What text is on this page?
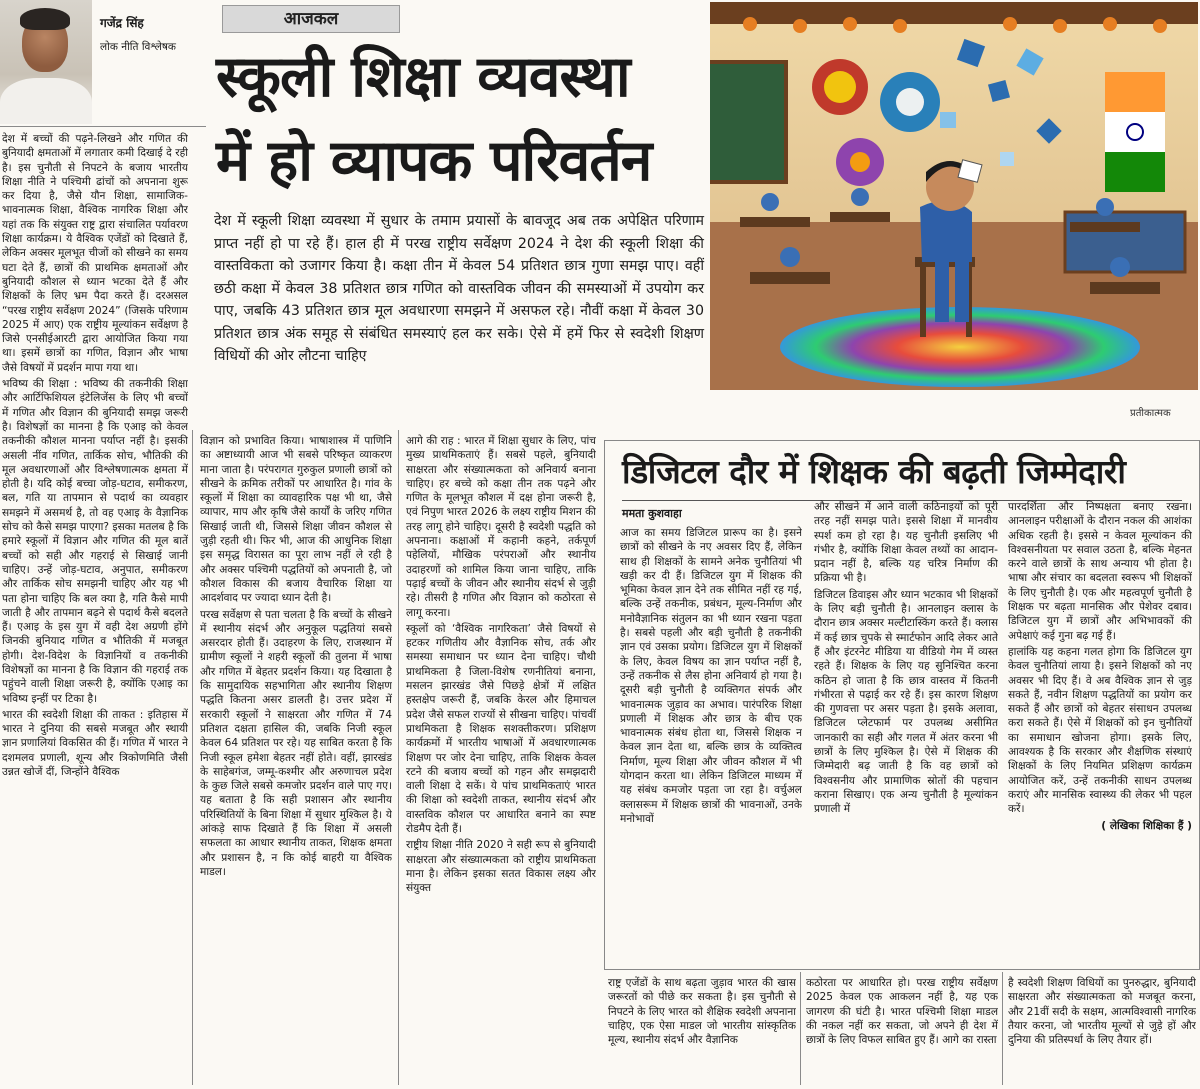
गजेंद्र सिंह
लोक नीति विश्लेषक
आजकल
स्कूली शिक्षा व्यवस्था
में हो व्यापक परिवर्तन
देश में स्कूली शिक्षा व्यवस्था में सुधार के तमाम प्रयासों के बावजूद अब तक अपेक्षित परिणाम प्राप्त नहीं हो पा रहे हैं। हाल ही में परख राष्ट्रीय सर्वेक्षण 2024 ने देश की स्कूली शिक्षा की वास्तविकता को उजागर किया है। कक्षा तीन में केवल 54 प्रतिशत छात्र गुणा समझ पाए। वहीं छठी कक्षा में केवल 38 प्रतिशत छात्र गणित को वास्तविक जीवन की समस्याओं में उपयोग कर पाए, जबकि 43 प्रतिशत छात्र मूल अवधारणा समझने में असफल रहे। नौवीं कक्षा में केवल 30 प्रतिशत छात्र अंक समूह से संबंधित समस्याएं हल कर सके। ऐसे में हमें फिर से स्वदेशी शिक्षण विधियों की ओर लौटना चाहिए
प्रतीकात्मक

देश में बच्चों की पढ़ने-लिखने और गणित की बुनियादी क्षमताओं में लगातार कमी दिखाई दे रही है। इस चुनौती से निपटने के बजाय भारतीय शिक्षा नीति ने पश्चिमी ढांचों को अपनाना शुरू कर दिया है, जैसे यौन शिक्षा, सामाजिक-भावनात्मक शिक्षा, वैश्विक नागरिक शिक्षा और यहां तक कि संयुक्त राष्ट्र द्वारा संचालित पर्यावरण शिक्षा कार्यक्रम। ये वैश्विक एजेंडों को दिखाते हैं, लेकिन अक्सर मूलभूत चीजों को सीखने का समय घटा देते हैं, छात्रों की प्राथमिक क्षमताओं और बुनियादी कौशल से ध्यान भटका देते हैं और शिक्षकों के लिए भ्रम पैदा करते हैं। दरअसल “परख राष्ट्रीय सर्वेक्षण 2024” (जिसके परिणाम 2025 में आए) एक राष्ट्रीय मूल्यांकन सर्वेक्षण है जिसे एनसीईआरटी द्वारा आयोजित किया गया था। इसमें छात्रों का गणित, विज्ञान और भाषा जैसे विषयों में प्रदर्शन मापा गया था।

भविष्य की शिक्षा : भविष्य की तकनीकी शिक्षा और आर्टिफिशियल इंटेलिजेंस के लिए भी बच्चों में गणित और विज्ञान की बुनियादी समझ जरूरी है। विशेषज्ञों का मानना है कि एआइ को केवल तकनीकी कौशल मानना पर्याप्त नहीं है। इसकी असली नींव गणित, तार्किक सोच, भौतिकी की मूल अवधारणाओं और विश्लेषणात्मक क्षमता में होती है। यदि कोई बच्चा जोड़-घटाव, समीकरण, बल, गति या तापमान से पदार्थ का व्यवहार समझने में असमर्थ है, तो वह एआइ के वैज्ञानिक सोच को कैसे समझ पाएगा? इसका मतलब है कि हमारे स्कूलों में विज्ञान और गणित की मूल बातें बच्चों को सही और गहराई से सिखाई जानी चाहिए। उन्हें जोड़-घटाव, अनुपात, समीकरण और तार्किक सोच समझनी चाहिए और यह भी पता होना चाहिए कि बल क्या है, गति कैसे मापी जाती है और तापमान बढ़ने से पदार्थ कैसे बदलते हैं। एआइ के इस युग में वही देश अग्रणी होंगे जिनकी बुनियाद गणित व भौतिकी में मजबूत होगी। देश-विदेश के विज्ञानियों व तकनीकी विशेषज्ञों का मानना है कि विज्ञान की गहराई तक पहुंचने वाली शिक्षा जरूरी है, क्योंकि एआइ का भविष्य इन्हीं पर टिका है।

भारत की स्वदेशी शिक्षा की ताकत : इतिहास में भारत ने दुनिया की सबसे मजबूत और स्थायी ज्ञान प्रणालियां विकसित की हैं। गणित में भारत ने दशमलव प्रणाली, शून्य और त्रिकोणमिति जैसी उन्नत खोजें दीं, जिन्होंने वैश्विक

विज्ञान को प्रभावित किया। भाषाशास्त्र में पाणिनि का अष्टाध्यायी आज भी सबसे परिष्कृत व्याकरण माना जाता है। परंपरागत गुरुकुल प्रणाली छात्रों को सीखने के क्रमिक तरीकों पर आधारित है। गांव के स्कूलों में शिक्षा का व्यावहारिक पक्ष भी था, जैसे व्यापार, माप और कृषि जैसे कार्यों के जरिए गणित सिखाई जाती थी, जिससे शिक्षा जीवन कौशल से जुड़ी रहती थी। फिर भी, आज की आधुनिक शिक्षा इस समृद्ध विरासत का पूरा लाभ नहीं ले रही है और अक्सर पश्चिमी पद्धतियों को अपनाती है, जो कौशल विकास की बजाय वैचारिक शिक्षा या आदर्शवाद पर ज्यादा ध्यान देती है।

परख सर्वेक्षण से पता चलता है कि बच्चों के सीखने में स्थानीय संदर्भ और अनुकूल पद्धतियां सबसे असरदार होती हैं। उदाहरण के लिए, राजस्थान में ग्रामीण स्कूलों ने शहरी स्कूलों की तुलना में भाषा और गणित में बेहतर प्रदर्शन किया। यह दिखाता है कि सामुदायिक सहभागिता और स्थानीय शिक्षण पद्धति कितना असर डालती है। उत्तर प्रदेश में सरकारी स्कूलों ने साक्षरता और गणित में 74 प्रतिशत दक्षता हासिल की, जबकि निजी स्कूल केवल 64 प्रतिशत पर रहे। यह साबित करता है कि निजी स्कूल हमेशा बेहतर नहीं होते। वहीं, झारखंड के साहेबगंज, जम्मू-कश्मीर और अरुणाचल प्रदेश के कुछ जिले सबसे कमजोर प्रदर्शन वाले पाए गए। यह बताता है कि सही प्रशासन और स्थानीय परिस्थितियों के बिना शिक्षा में सुधार मुश्किल है। ये आंकड़े साफ दिखाते हैं कि शिक्षा में असली सफलता का आधार स्थानीय ताकत, शिक्षक क्षमता और प्रशासन है, न कि कोई बाहरी या वैश्विक माडल।

आगे की राह : भारत में शिक्षा सुधार के लिए, पांच मुख्य प्राथमिकताएं हैं। सबसे पहले, बुनियादी साक्षरता और संख्यात्मकता को अनिवार्य बनाना चाहिए। हर बच्चे को कक्षा तीन तक पढ़ने और गणित के मूलभूत कौशल में दक्ष होना जरूरी है, एवं निपुण भारत 2026 के लक्ष्य राष्ट्रीय मिशन की तरह लागू होने चाहिए। दूसरी है स्वदेशी पद्धति को अपनाना। कक्षाओं में कहानी कहने, तर्कपूर्ण पहेलियों, मौखिक परंपराओं और स्थानीय उदाहरणों को शामिल किया जाना चाहिए, ताकि पढ़ाई बच्चों के जीवन और स्थानीय संदर्भ से जुड़ी रहे। तीसरी है गणित और विज्ञान को कठोरता से लागू करना।

स्कूलों को ‘वैश्विक नागरिकता’ जैसे विषयों से हटकर गणितीय और वैज्ञानिक सोच, तर्क और समस्या समाधान पर ध्यान देना चाहिए। चौथी प्राथमिकता है जिला-विशेष रणनीतियां बनाना, मसलन झारखंड जैसे पिछड़े क्षेत्रों में लक्षित हस्तक्षेप जरूरी हैं, जबकि केरल और हिमाचल प्रदेश जैसे सफल राज्यों से सीखना चाहिए। पांचवीं प्राथमिकता है शिक्षक सशक्तीकरण। प्रशिक्षण कार्यक्रमों में भारतीय भाषाओं में अवधारणात्मक शिक्षण पर जोर देना चाहिए, ताकि शिक्षक केवल रटने की बजाय बच्चों को गहन और समझदारी वाली शिक्षा दे सकें। ये पांच प्राथमिकताएं भारत की शिक्षा को स्वदेशी ताकत, स्थानीय संदर्भ और वास्तविक कौशल पर आधारित बनाने का स्पष्ट रोडमैप देती हैं।

राष्ट्रीय शिक्षा नीति 2020 ने सही रूप से बुनियादी साक्षरता और संख्यात्मकता को राष्ट्रीय प्राथमिकता माना है। लेकिन इसका सतत विकास लक्ष्य और संयुक्त

डिजिटल दौर में शिक्षक की बढ़ती जिम्मेदारी
ममता कुशवाहा

आज का समय डिजिटल प्रारूप का है। इसने छात्रों को सीखने के नए अवसर दिए हैं, लेकिन साथ ही शिक्षकों के सामने अनेक चुनौतियां भी खड़ी कर दी हैं। डिजिटल युग में शिक्षक की भूमिका केवल ज्ञान देने तक सीमित नहीं रह गई, बल्कि उन्हें तकनीक, प्रबंधन, मूल्य-निर्माण और मनोवैज्ञानिक संतुलन का भी ध्यान रखना पड़ता है। सबसे पहली और बड़ी चुनौती है तकनीकी ज्ञान एवं उसका प्रयोग। डिजिटल युग में शिक्षकों के लिए, केवल विषय का ज्ञान पर्याप्त नहीं है, उन्हें तकनीक से लैस होना अनिवार्य हो गया है। दूसरी बड़ी चुनौती है व्यक्तिगत संपर्क और भावनात्मक जुड़ाव का अभाव। पारंपरिक शिक्षा प्रणाली में शिक्षक और छात्र के बीच एक भावनात्मक संबंध होता था, जिससे शिक्षक न केवल ज्ञान देता था, बल्कि छात्र के व्यक्तित्व निर्माण, मूल्य शिक्षा और जीवन कौशल में भी योगदान करता था। लेकिन डिजिटल माध्यम में यह संबंध कमजोर पड़ता जा रहा है। वर्चुअल क्लासरूम में शिक्षक छात्रों की भावनाओं, उनके मनोभावों

और सीखने में आने वाली कठिनाइयों को पूरी तरह नहीं समझ पाते। इससे शिक्षा में मानवीय स्पर्श कम हो रहा है। यह चुनौती इसलिए भी गंभीर है, क्योंकि शिक्षा केवल तथ्यों का आदान-प्रदान नहीं है, बल्कि यह चरित्र निर्माण की प्रक्रिया भी है।

डिजिटल डिवाइस और ध्यान भटकाव भी शिक्षकों के लिए बड़ी चुनौती है। आनलाइन क्लास के दौरान छात्र अक्सर मल्टीटास्किंग करते हैं। क्लास में कई छात्र चुपके से स्मार्टफोन आदि लेकर आते हैं और इंटरनेट मीडिया या वीडियो गेम में व्यस्त रहते हैं। शिक्षक के लिए यह सुनिश्चित करना कठिन हो जाता है कि छात्र वास्तव में कितनी गंभीरता से पढ़ाई कर रहे हैं। इस कारण शिक्षण की गुणवत्ता पर असर पड़ता है। इसके अलावा, डिजिटल प्लेटफार्म पर उपलब्ध असीमित जानकारी का सही और गलत में अंतर करना भी छात्रों के लिए मुश्किल है। ऐसे में शिक्षक की जिम्मेदारी बढ़ जाती है कि वह छात्रों को विश्वसनीय और प्रामाणिक स्रोतों की पहचान कराना सिखाए। एक अन्य चुनौती है मूल्यांकन प्रणाली में

पारदर्शिता और निष्पक्षता बनाए रखना। आनलाइन परीक्षाओं के दौरान नकल की आशंका अधिक रहती है। इससे न केवल मूल्यांकन की विश्वसनीयता पर सवाल उठता है, बल्कि मेहनत करने वाले छात्रों के साथ अन्याय भी होता है। भाषा और संचार का बदलता स्वरूप भी शिक्षकों के लिए चुनौती है। एक और महत्वपूर्ण चुनौती है शिक्षक पर बढ़ता मानसिक और पेशेवर दबाव। डिजिटल युग में छात्रों और अभिभावकों की अपेक्षाएं कई गुना बढ़ गई हैं।

हालांकि यह कहना गलत होगा कि डिजिटल युग केवल चुनौतियां लाया है। इसने शिक्षकों को नए अवसर भी दिए हैं। वे अब वैश्विक ज्ञान से जुड़ सकते हैं, नवीन शिक्षण पद्धतियों का प्रयोग कर सकते हैं और छात्रों को बेहतर संसाधन उपलब्ध करा सकते हैं। ऐसे में शिक्षकों को इन चुनौतियों का समाधान खोजना होगा। इसके लिए, आवश्यक है कि सरकार और शैक्षणिक संस्थाएं शिक्षकों के लिए नियमित प्रशिक्षण कार्यक्रम आयोजित करें, उन्हें तकनीकी साधन उपलब्ध कराएं और मानसिक स्वास्थ्य की लेकर भी पहल करें।

( लेखिका शिक्षिका हैं )

राष्ट्र एजेंडों के साथ बढ़ता जुड़ाव भारत की खास जरूरतों को पीछे कर सकता है। इस चुनौती से निपटने के लिए भारत को शैक्षिक स्वदेशी अपनाना चाहिए, एक ऐसा माडल जो भारतीय सांस्कृतिक मूल्य, स्थानीय संदर्भ और वैज्ञानिक

कठोरता पर आधारित हो। परख राष्ट्रीय सर्वेक्षण 2025 केवल एक आकलन नहीं है, यह एक जागरण की घंटी है। भारत पश्चिमी शिक्षा माडल की नकल नहीं कर सकता, जो अपने ही देश में छात्रों के लिए विफल साबित हुए हैं। आगे का रास्ता

है स्वदेशी शिक्षण विधियों का पुनरुद्धार, बुनियादी साक्षरता और संख्यात्मकता को मजबूत करना, और 21वीं सदी के सक्षम, आत्मविश्वासी नागरिक तैयार करना, जो भारतीय मूल्यों से जुड़े हों और दुनिया की प्रतिस्पर्धा के लिए तैयार हों।
